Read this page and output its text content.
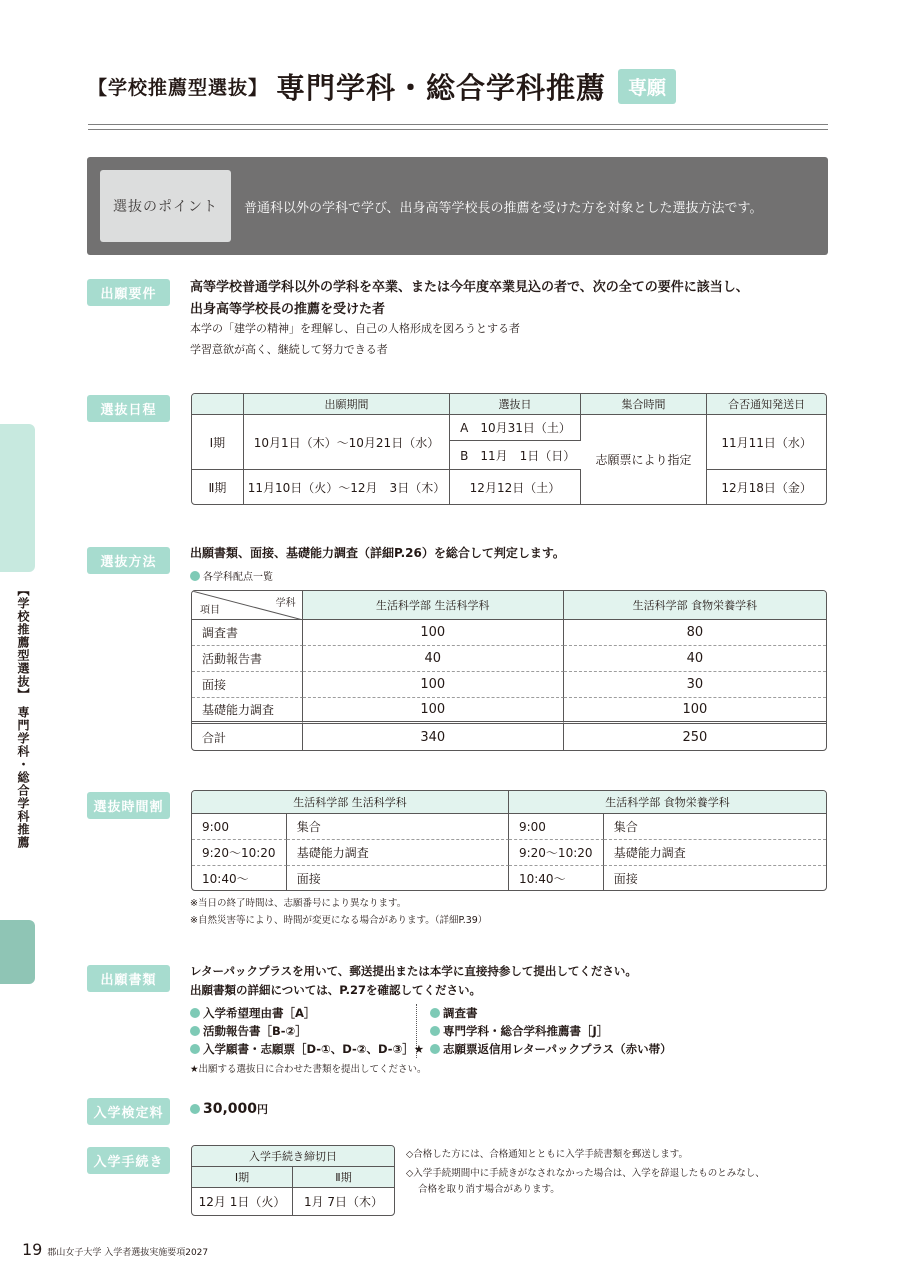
【学校推薦型選抜】 専門学科・総合学科推薦	専願
【学校推薦型選抜】 専門学科・総合学科推薦
選抜のポイント	普通科以外の学科で学び、出身高等学校長の推薦を受けた方を対象とした選抜方法です。
出願要件	高等学校普通学科以外の学科を卒業、または今年度卒業見込の者で、次の全ての要件に該当し、
出身高等学校長の推薦を受けた者
本学の「建学の精神」を理解し、自己の人格形成を図ろうとする者
学習意欲が高く、継続して努力できる者
選抜日程
		出願期間	選抜日	集合時間	合否通知発送日
Ⅰ期	10月1日（木）～10月21日（水）	A　10月31日（土）	志願票により指定	11月11日（水）
		B　11月　1日（日）		
Ⅱ期	11月10日（火）～12月　3日（木）	12月12日（土）		12月18日（金）
選抜方法
出願書類、面接、基礎能力調査（詳細P.26）を総合して判定します。
各学科配点一覧
学科
項目	生活科学部 生活科学科	生活科学部 食物栄養学科
調査書	100	80
活動報告書	40	40
面接	100	30
基礎能力調査	100	100
合計	340	250
選抜時間割	生活科学部 生活科学科		生活科学部 食物栄養学科	
9:00	集合	9:00	集合
9:20～10:20	基礎能力調査	9:20～10:20	基礎能力調査
10:40～	面接	10:40～	面接
※当日の終了時間は、志願番号により異なります。
※自然災害等により、時間が変更になる場合があります。（詳細P.39）
出願書類
レターパックプラスを用いて、郵送提出または本学に直接持参して提出してください。
出願書類の詳細については、P.27を確認してください。
入学希望理由書［A］
活動報告書［B-②］
入学願書・志願票［D-①、D-②、D-③］★
調査書
専門学科・総合学科推薦書［J］
志願票返信用レターパックプラス（赤い帯）
★出願する選抜日に合わせた書類を提出してください。
入学検定料	30,000円
入学手続き	入学手続き締切日	
Ⅰ期	Ⅱ期
12月 1日（火）	1月 7日（木）
◇合格した方には、合格通知とともに入学手続書類を郵送します。
◇入学手続期間中に手続きがなされなかった場合は、入学を辞退したものとみなし、
合格を取り消す場合があります。
19 郡山女子大学 入学者選抜実施要項2027
